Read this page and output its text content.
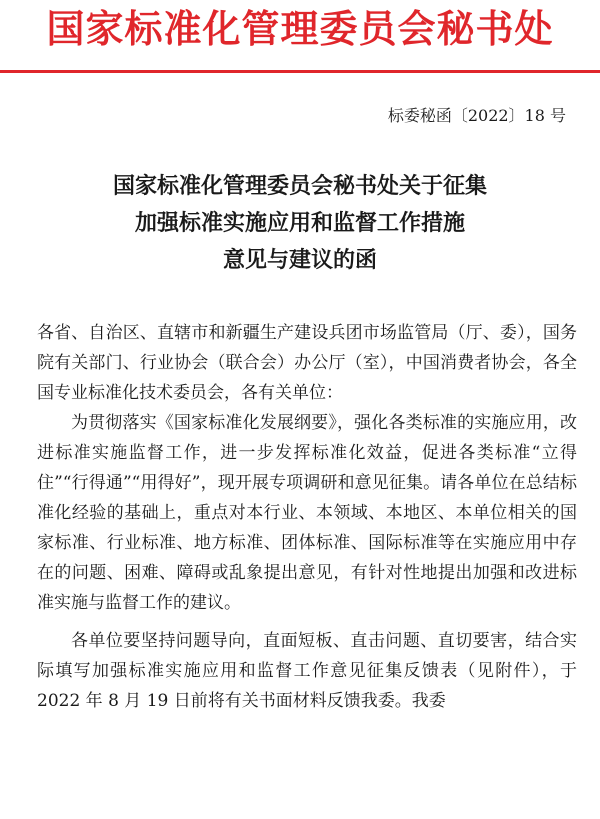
国家标准化管理委员会秘书处
标委秘函〔2022〕18 号
国家标准化管理委员会秘书处关于征集
加强标准实施应用和监督工作措施
意见与建议的函

各省、自治区、直辖市和新疆生产建设兵团市场监管局（厅、委），国务院有关部门、行业协会（联合会）办公厅（室），中国消费者协会，各全国专业标准化技术委员会，各有关单位：

为贯彻落实《国家标准化发展纲要》，强化各类标准的实施应用，改进标准实施监督工作，进一步发挥标准化效益，促进各类标准“立得住”“行得通”“用得好”，现开展专项调研和意见征集。请各单位在总结标准化经验的基础上，重点对本行业、本领域、本地区、本单位相关的国家标准、行业标准、地方标准、团体标准、国际标准等在实施应用中存在的问题、困难、障碍或乱象提出意见，有针对性地提出加强和改进标准实施与监督工作的建议。

各单位要坚持问题导向，直面短板、直击问题、直切要害，结合实际填写加强标准实施应用和监督工作意见征集反馈表（见附件），于 2022 年 8 月 19 日前将有关书面材料反馈我委。我委
